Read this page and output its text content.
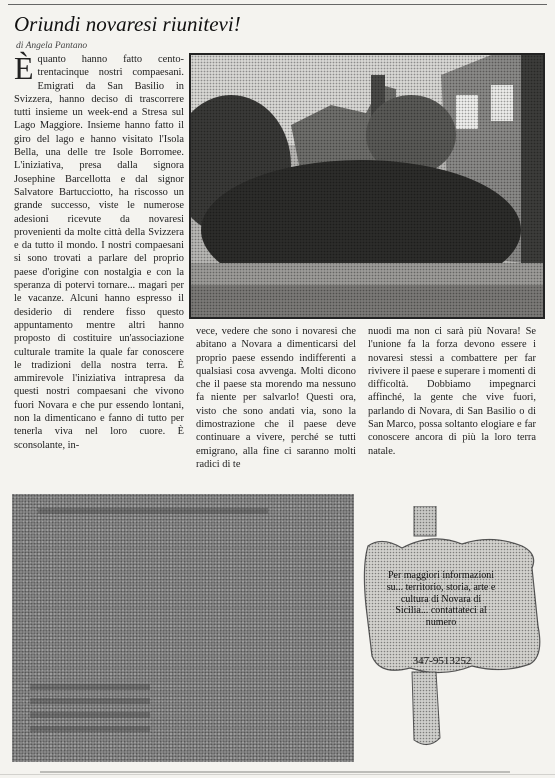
Oriundi novaresi riunitevi!
di Angela Pantano

Èquanto hanno fatto cento-trentacinque nostri compaesani. Emigrati da San Basilio in Svizzera, hanno deciso di trascorrere tutti insieme un week-end a Stresa sul Lago Maggiore. Insieme hanno fatto il giro del lago e hanno visitato l'Isola Bella, una delle tre Isole Borromee. L'iniziativa, presa dalla signora Josephine Barcellotta e dal signor Salvatore Bartucciotto, ha riscosso un grande successo, viste le numerose adesioni ricevute da novaresi provenienti da molte città della Svizzera e da tutto il mondo. I nostri compaesani si sono trovati a parlare del proprio paese d'origine con nostalgia e con la speranza di potervi tornare... magari per le vacanze. Alcuni hanno espresso il desiderio di rendere fisso questo appuntamento mentre altri hanno proposto di costituire un'associazione culturale tramite la quale far conoscere le tradizioni della nostra terra. È ammirevole l'iniziativa intrapresa da questi nostri compaesani che vivono fuori Novara e che pur essendo lontani, non la dimenticano e fanno di tutto per tenerla viva nel loro cuore. È sconsolante, in-

vece, vedere che sono i novaresi che abitano a Novara a dimenticarsi del proprio paese essendo indifferenti a qualsiasi cosa avvenga. Molti dicono che il paese sta morendo ma nessuno fa niente per salvarlo! Questi ora, visto che sono andati via, sono la dimostrazione che il paese deve continuare a vivere, perché se tutti emigrano, alla fine ci saranno molti radici di te

nuodi ma non ci sarà più Novara! Se l'unione fa la forza devono essere i novaresi stessi a combattere per far rivivere il paese e superare i momenti di difficoltà. Dobbiamo impegnarci affinché, la gente che vive fuori, parlando di Novara, di San Basilio o di San Marco, possa soltanto elogiare e far conoscere ancora di più la loro terra natale.

Per maggiori informazioni su... territorio, storia, arte e cultura di Novara di Sicilia... contattateci al numero
347-9513252
